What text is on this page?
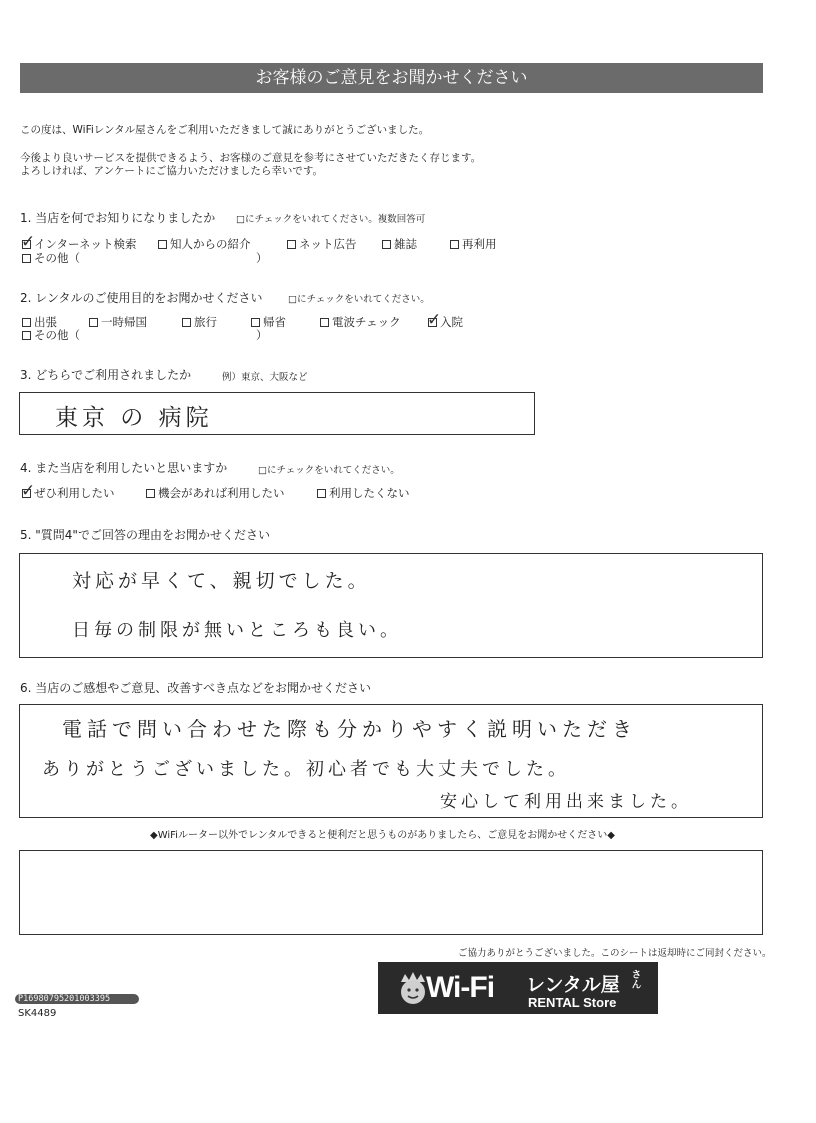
お客様のご意見をお聞かせください
この度は、WiFiレンタル屋さんをご利用いただきまして誠にありがとうございました。
今後より良いサービスを提供できるよう、お客様のご意見を参考にさせていただきたく存じます。
よろしければ、アンケートにご協力いただけましたら幸いです。
1. 当店を何でお知りになりましたか □にチェックをいれてください。複数回答可
✓
インターネット検索	知人からの紹介	ネット広告	雑誌	再利用
その他（	）
2. レンタルのご使用目的をお聞かせください	□にチェックをいれてください。
出張	一時帰国	旅行	帰省	電波チェック ✓
入院
その他（	）
3. どちらでご利用されましたか	例）東京、大阪など
東京 の 病院
4. また当店を利用したいと思いますか	□にチェックをいれてください。
✓
ぜひ利用したい	機会があれば利用したい	利用したくない
5. "質問4"でご回答の理由をお聞かせください
対応が早くて、親切でした。
日毎の制限が無いところも良い。
6. 当店のご感想やご意見、改善すべき点などをお聞かせください
電話で問い合わせた際も分かりやすく説明いただき
ありがとうございました。初心者でも大丈夫でした。
安心して利用出来ました。
◆WiFiルーター以外でレンタルできると便利だと思うものがありましたら、ご意見をお聞かせください◆
ご協力ありがとうございました。このシートは返却時にご同封ください。
P16980795201003395
SK4489
Wi-Fi レンタル屋 さん
RENTAL Store
